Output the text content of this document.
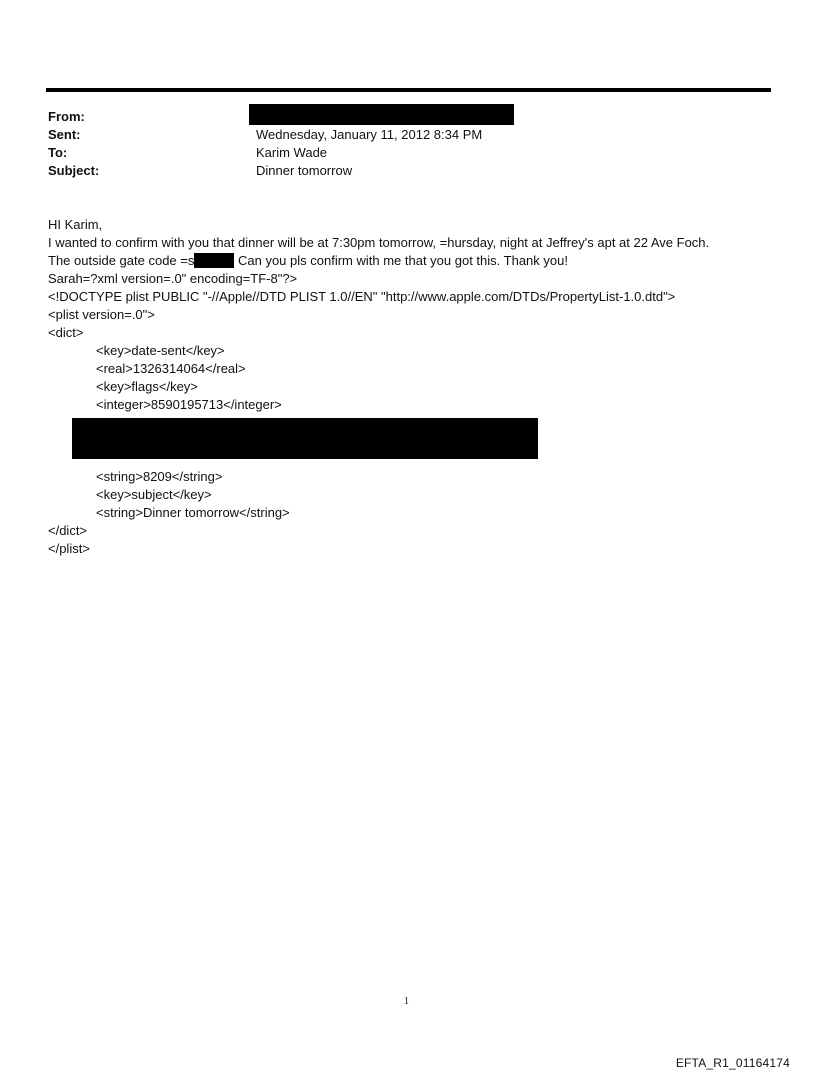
From:
Sent:	Wednesday, January 11, 2012 8:34 PM
To:	Karim Wade
Subject:	Dinner tomorrow
HI Karim,
I wanted to confirm with you that dinner will be at 7:30pm tomorrow, =hursday, night at Jeffrey's apt at 22 Ave Foch.
The outside gate code =s	Can you pls confirm with me that you got this. Thank you!
Sarah=?xml version=.0" encoding=TF-8"?>
<!DOCTYPE plist PUBLIC "-//Apple//DTD PLIST 1.0//EN" "http://www.apple.com/DTDs/PropertyList-1.0.dtd">
<plist version=.0">
<dict>
<key>date-sent</key>
<real>1326314064</real>
<key>flags</key>
<integer>8590195713</integer>
<string>8209</string>
<key>subject</key>
<string>Dinner tomorrow</string>
</dict>
</plist>
1
EFTA_R1_01164174
